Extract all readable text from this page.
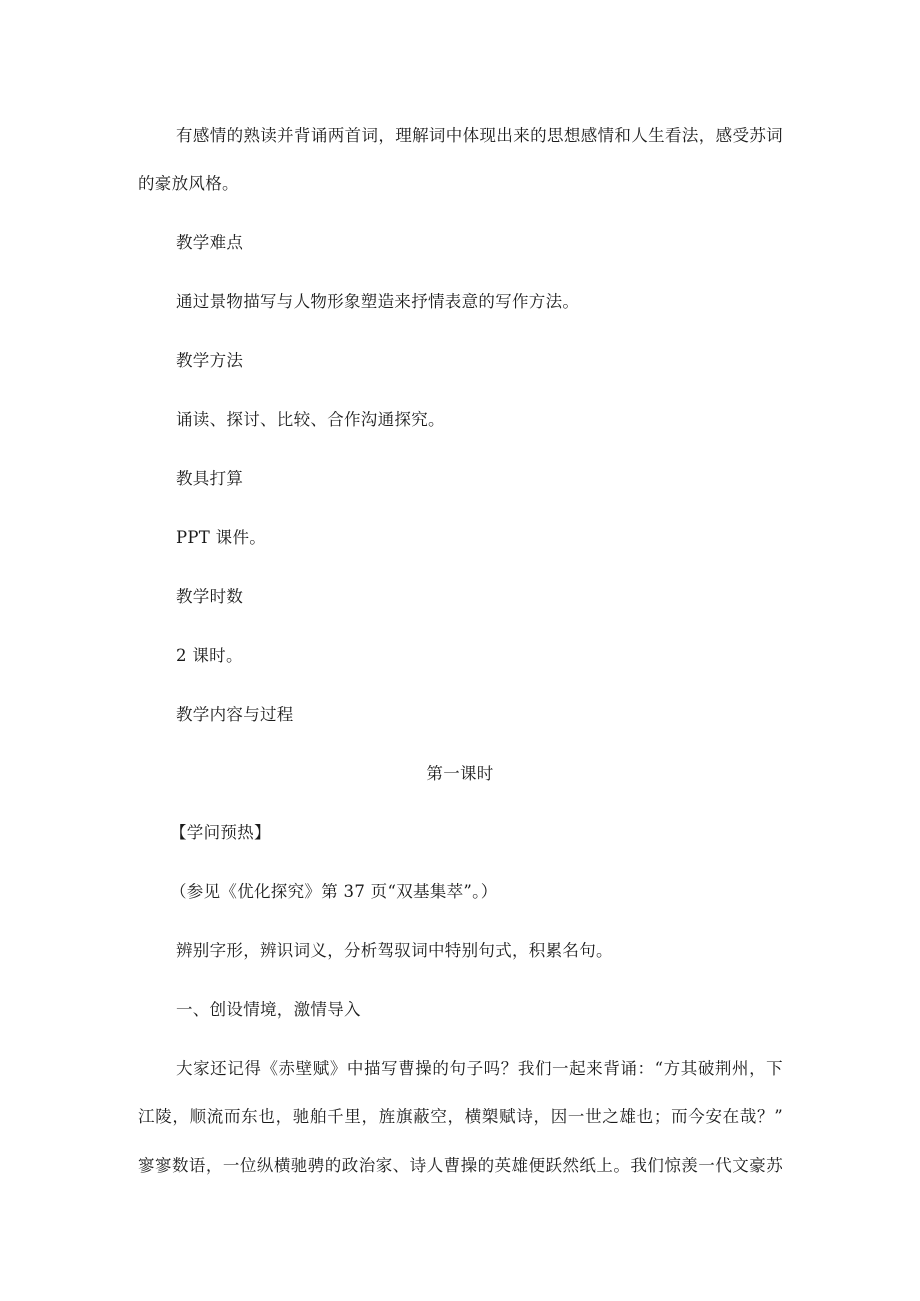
有感情的熟读并背诵两首词，理解词中体现出来的思想感情和人生看法，感受苏词
的豪放风格。
教学难点
通过景物描写与人物形象塑造来抒情表意的写作方法。
教学方法
诵读、探讨、比较、合作沟通探究。
教具打算
PPT 课件。
教学时数
2 课时。
教学内容与过程
第一课时
【学问预热】
（参见《优化探究》第 37 页“双基集萃”。）
辨别字形，辨识词义，分析驾驭词中特别句式，积累名句。
一、创设情境，激情导入
大家还记得《赤壁赋》中描写曹操的句子吗？我们一起来背诵：“方其破荆州，下
江陵，顺流而东也，驰舶千里，旌旗蔽空，横槊赋诗，因一世之雄也；而今安在哉？”
寥寥数语，一位纵横驰骋的政治家、诗人曹操的英雄便跃然纸上。我们惊羡一代文豪苏
